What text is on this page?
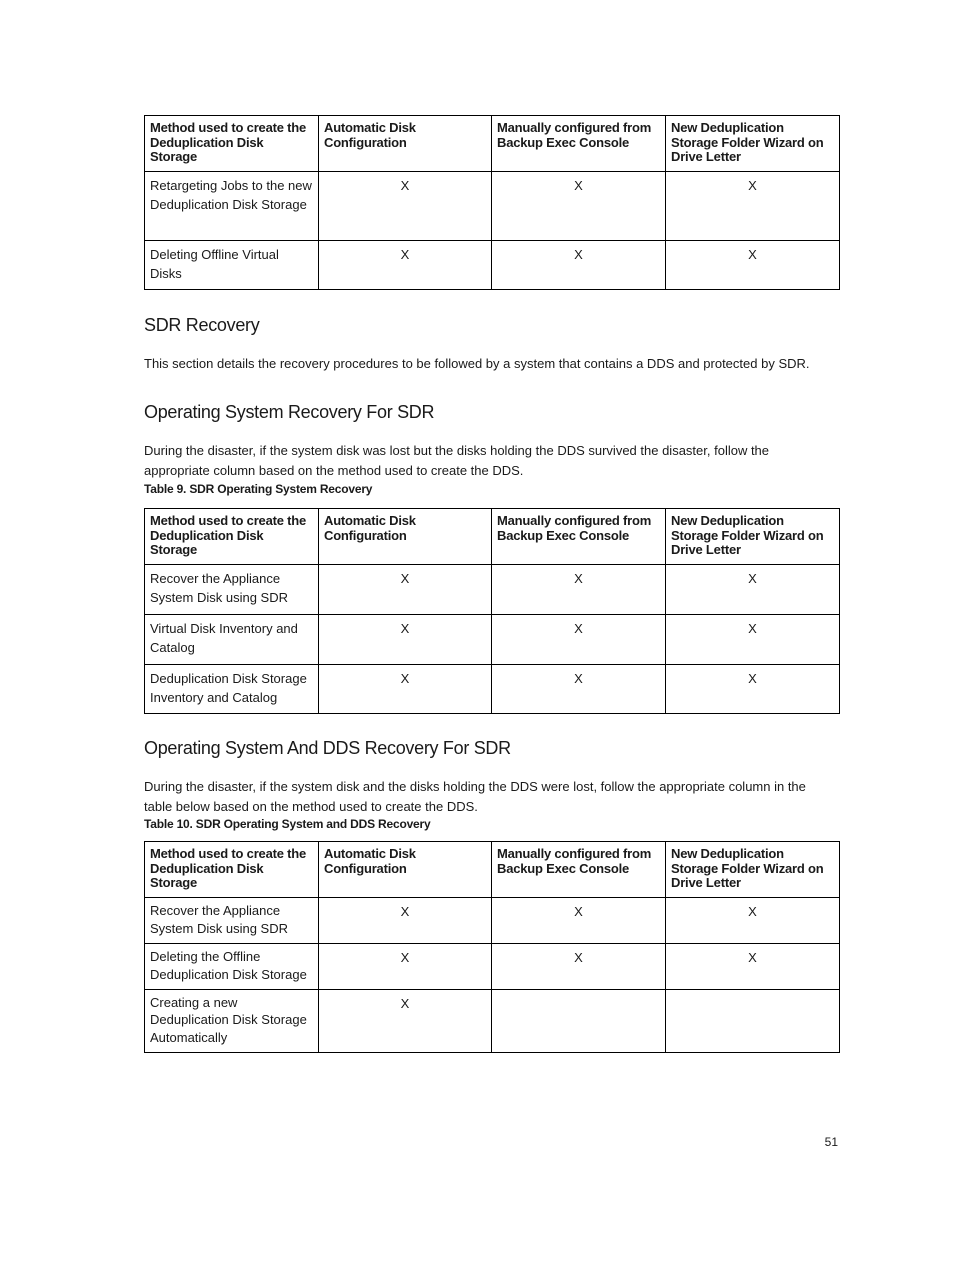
Method used to create the Deduplication Disk Storage	Automatic Disk Configuration	Manually configured from Backup Exec Console	New Deduplication Storage Folder Wizard on Drive Letter
Retargeting Jobs to the new Deduplication Disk Storage	X	X	X
Deleting Offline Virtual Disks	X	X	X
SDR Recovery

This section details the recovery procedures to be followed by a system that contains a DDS and protected by SDR.

Operating System Recovery For SDR

During the disaster, if the system disk was lost but the disks holding the DDS survived the disaster, follow the appropriate column based on the method used to create the DDS.

Table 9. SDR Operating System Recovery

Method used to create the Deduplication Disk Storage	Automatic Disk Configuration	Manually configured from Backup Exec Console	New Deduplication Storage Folder Wizard on Drive Letter
Recover the Appliance System Disk using SDR	X	X	X
Virtual Disk Inventory and Catalog	X	X	X
Deduplication Disk Storage Inventory and Catalog	X	X	X
Operating System And DDS Recovery For SDR

During the disaster, if the system disk and the disks holding the DDS were lost, follow the appropriate column in the table below based on the method used to create the DDS.

Table 10. SDR Operating System and DDS Recovery

Method used to create the Deduplication Disk Storage	Automatic Disk Configuration	Manually configured from Backup Exec Console	New Deduplication Storage Folder Wizard on Drive Letter
Recover the Appliance System Disk using SDR	X	X	X
Deleting the Offline Deduplication Disk Storage	X	X	X
Creating a new Deduplication Disk Storage Automatically	X		
51
